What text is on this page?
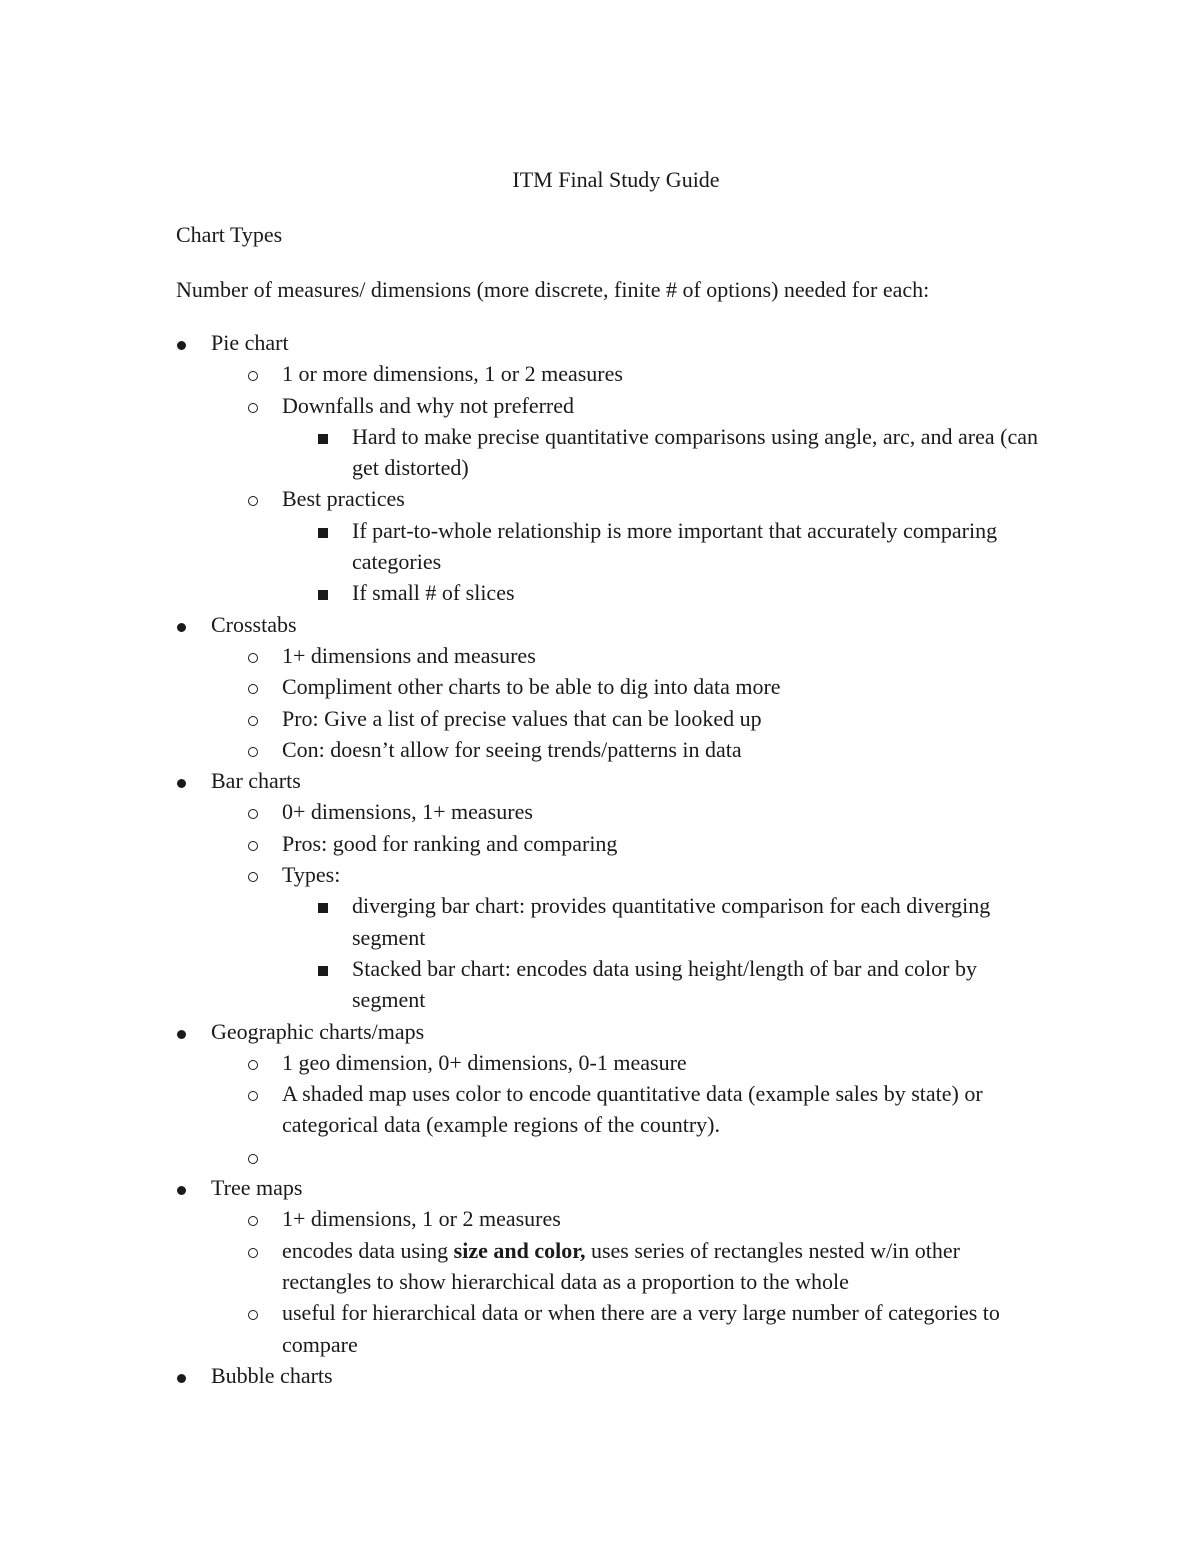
ITM Final Study Guide
Chart Types
Number of measures/ dimensions (more discrete, finite # of options) needed for each:
Pie chart
1 or more dimensions, 1 or 2 measures
Downfalls and why not preferred
Hard to make precise quantitative comparisons using angle, arc, and area (can get distorted)
Best practices
If part-to-whole relationship is more important that accurately comparing categories
If small # of slices
Crosstabs
1+ dimensions and measures
Compliment other charts to be able to dig into data more
Pro: Give a list of precise values that can be looked up
Con: doesn’t allow for seeing trends/patterns in data
Bar charts
0+ dimensions, 1+ measures
Pros: good for ranking and comparing
Types:
diverging bar chart: provides quantitative comparison for each diverging segment
Stacked bar chart: encodes data using height/length of bar and color by segment
Geographic charts/maps
1 geo dimension, 0+ dimensions, 0-1 measure
A shaded map uses color to encode quantitative data (example sales by state) or categorical data (example regions of the country).
Tree maps
1+ dimensions, 1 or 2 measures
encodes data using size and color, uses series of rectangles nested w/in other rectangles to show hierarchical data as a proportion to the whole
useful for hierarchical data or when there are a very large number of categories to compare
Bubble charts
